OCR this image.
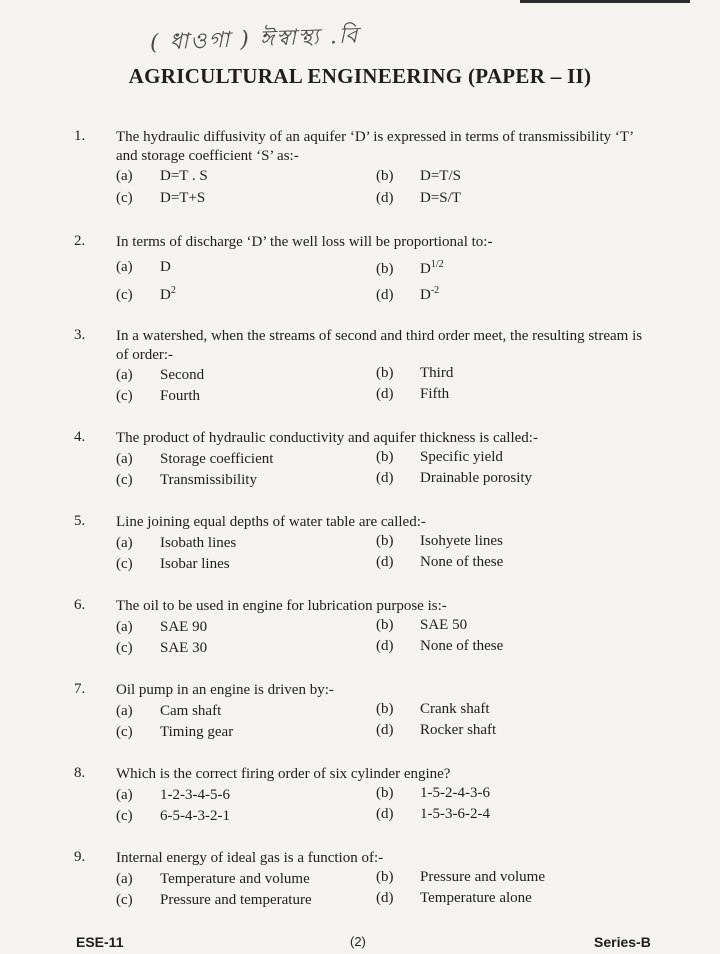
( ধাওগা ) ঈস্বাস্থ্য .বি
AGRICULTURAL ENGINEERING (PAPER – II)
1. The hydraulic diffusivity of an aquifer ‘D’ is expressed in terms of transmissibility ‘T’ and storage coefficient ‘S’ as:-
(a) D=T . S	(b) D=T/S
(c) D=T+S	(d) D=S/T
2. In terms of discharge ‘D’ the well loss will be proportional to:-
(a) D	(b) $D^{1/2}$
(c) $D^2$	(d) $D^{-2}$
3. In a watershed, when the streams of second and third order meet, the resulting stream is of order:-
(a) Second	(b) Third
(c) Fourth	(d) Fifth
4. The product of hydraulic conductivity and aquifer thickness is called:-
(a) Storage coefficient	(b) Specific yield
(c) Transmissibility	(d) Drainable porosity
5. Line joining equal depths of water table are called:-
(a) Isobath lines	(b) Isohyete lines
(c) Isobar lines	(d) None of these
6. The oil to be used in engine for lubrication purpose is:-
(a) SAE 90	(b) SAE 50
(c) SAE 30	(d) None of these
7. Oil pump in an engine is driven by:-
(a) Cam shaft	(b) Crank shaft
(c) Timing gear	(d) Rocker shaft
8. Which is the correct firing order of six cylinder engine?
(a) 1-2-3-4-5-6	(b) 1-5-2-4-3-6
(c) 6-5-4-3-2-1	(d) 1-5-3-6-2-4
9. Internal energy of ideal gas is a function of:-
(a) Temperature and volume	(b) Pressure and volume
(c) Pressure and temperature	(d) Temperature alone
ESE-11	(2)	Series-B
